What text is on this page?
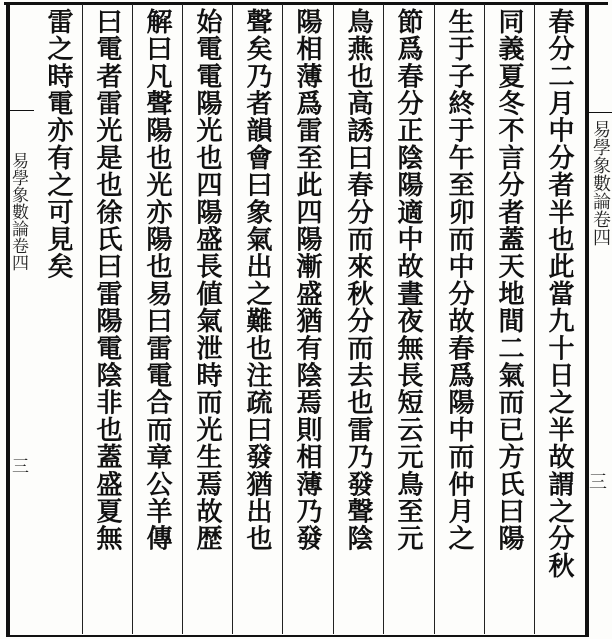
易學象數論卷四
三
易學象數論卷四
三
春分二月中分者半也此當九十日之半故謂之分秋
同義夏冬不言分者蓋天地間二氣而已方氏曰陽
生于子終于午至卯而中分故春爲陽中而仲月之
節爲春分正陰陽適中故晝夜無長短云元鳥至元
鳥燕也高誘曰春分而來秋分而去也雷乃發聲陰
陽相薄爲雷至此四陽漸盛猶有陰焉則相薄乃發
聲矣乃者韻會曰象氣出之難也注疏曰發猶出也
始電電陽光也四陽盛長値氣泄時而光生焉故歴
解曰凡聲陽也光亦陽也易曰雷電合而章公羊傳
曰電者雷光是也徐氏曰雷陽電陰非也蓋盛夏無
雷之時電亦有之可見矣
